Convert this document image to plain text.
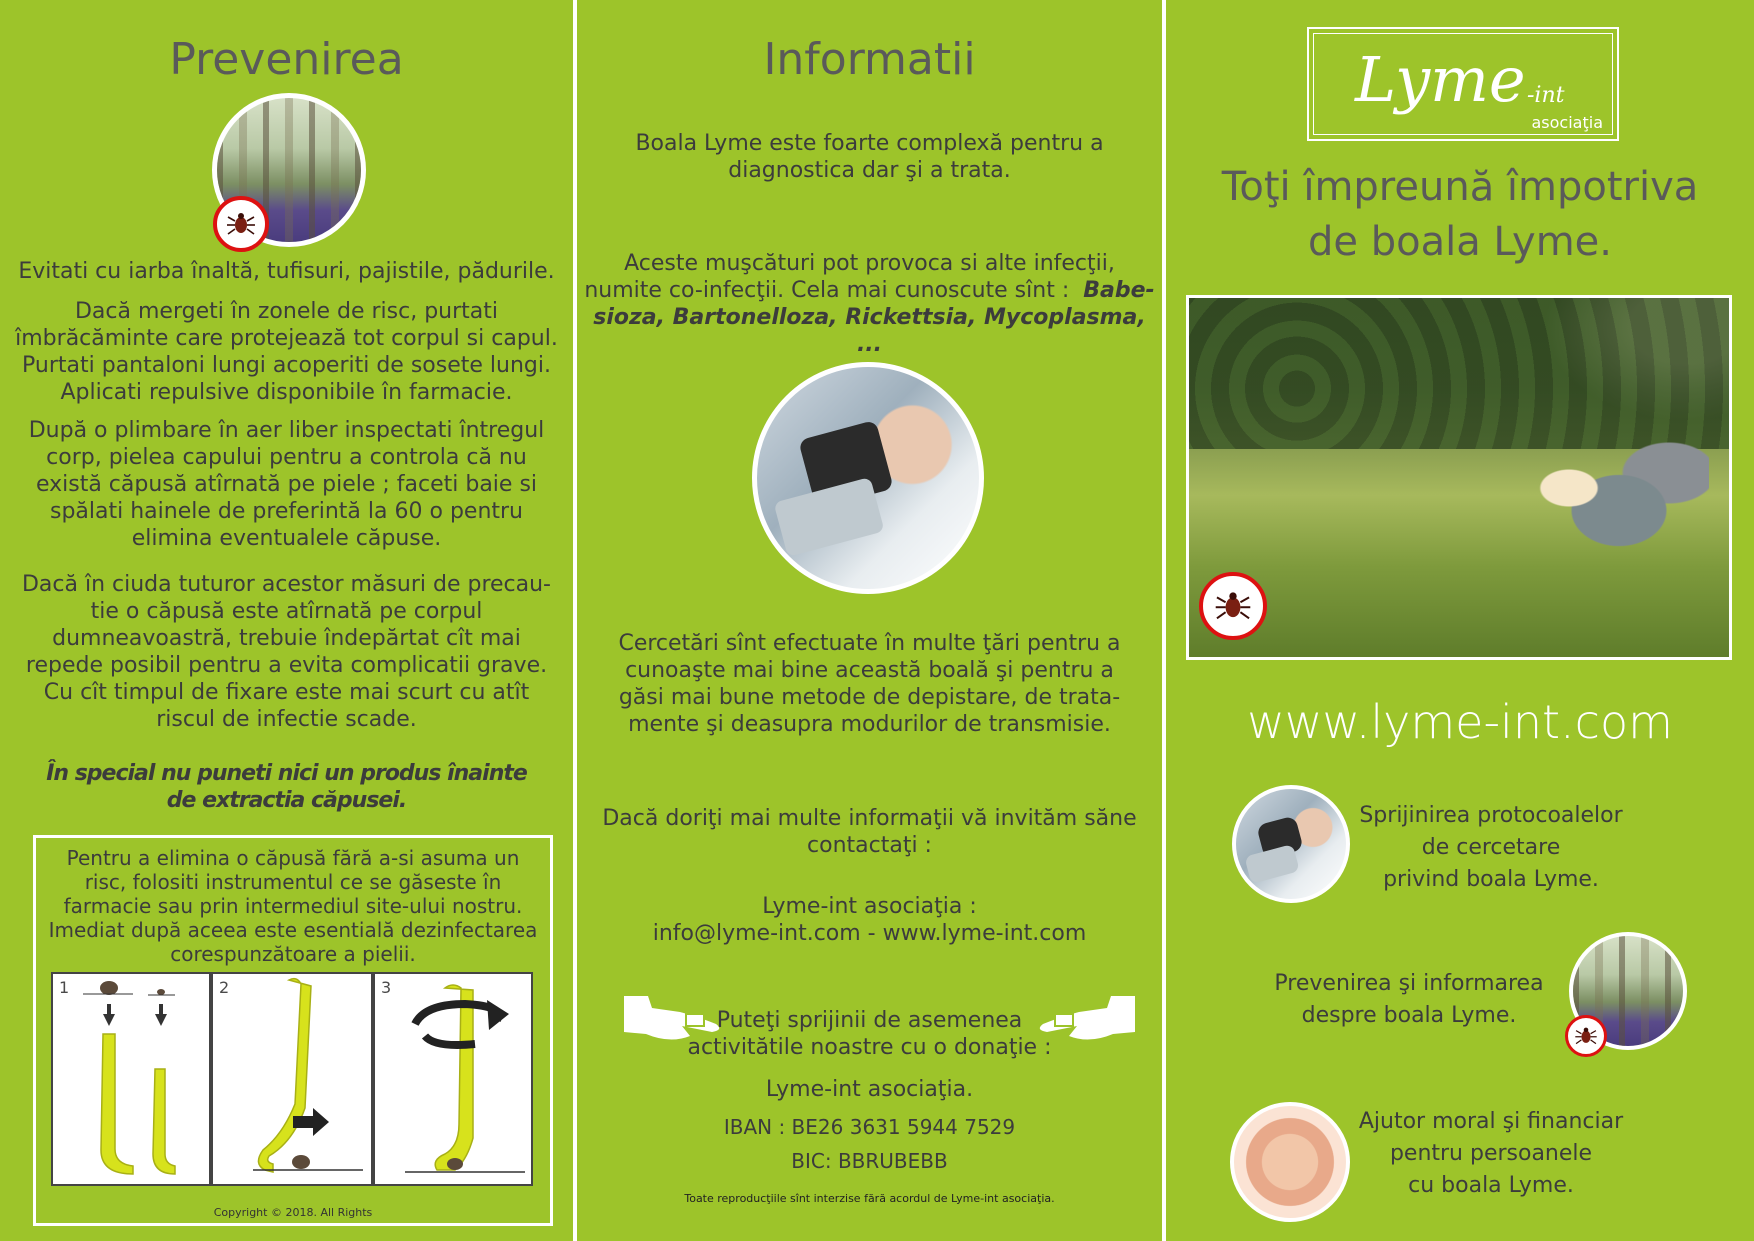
Prevenirea
Evitati cu iarba înaltă, tufisuri, pajistile, pădurile.
Dacă mergeti în zonele de risc, purtati
îmbrăcăminte care protejează tot corpul si capul.
Purtati pantaloni lungi acoperiti de sosete lungi.
Aplicati repulsive disponibile în farmacie.
După o plimbare în aer liber inspectati întregul
corp, pielea capului pentru a controla că nu
există căpusă atîrnată pe piele ; faceti baie si
spălati hainele de preferintă la 60 o pentru
elimina eventualele căpuse.
Dacă în ciuda tuturor acestor măsuri de precau-
tie o căpusă este atîrnată pe corpul
dumneavoastră, trebuie îndepărtat cît mai
repede posibil pentru a evita complicatii grave.
Cu cît timpul de fixare este mai scurt cu atît
riscul de infectie scade.
În special nu puneti nici un produs înainte
de extractia căpusei.
Pentru a elimina o căpusă fără a-si asuma un
risc, folositi instrumentul ce se găseste în
farmacie sau prin intermediul site-ului nostru.
Imediat după aceea este esentială dezinfectarea
corespunzătoare a pielii.
1	2	3
Copyright © 2018. All Rights
Informatii
Boala Lyme este foarte complexă pentru a
diagnostica dar şi a trata.
Aceste muşcături pot provoca si alte infecţii,
numite co-infecţii. Cela mai cunoscute sînt : Babe-
sioza, Bartonelloza, Rickettsia, Mycoplasma, ...
Cercetări sînt efectuate în multe ţări pentru a
cunoaşte mai bine această boală şi pentru a
găsi mai bune metode de depistare, de trata-
mente şi deasupra modurilor de transmisie.
Dacă doriţi mai multe informaţii vă invităm săne
contactaţi :
Lyme-int asociaţia :
info@lyme-int.com - www.lyme-int.com
Puteţi sprijinii de asemenea
activitătile noastre cu o donaţie :
Lyme-int asociaţia.
IBAN : BE26 3631 5944 7529
BIC: BBRUBEBB
Toate reproducţiile sînt interzise fără acordul de Lyme-int asociaţia.
Lyme -int
asociaţia
Toţi împreună împotriva
de boala Lyme.
www.lyme-int.com
Sprijinirea protocoalelor
de cercetare
privind boala Lyme.
Prevenirea şi informarea
despre boala Lyme.
Ajutor moral şi financiar
pentru persoanele
cu boala Lyme.
